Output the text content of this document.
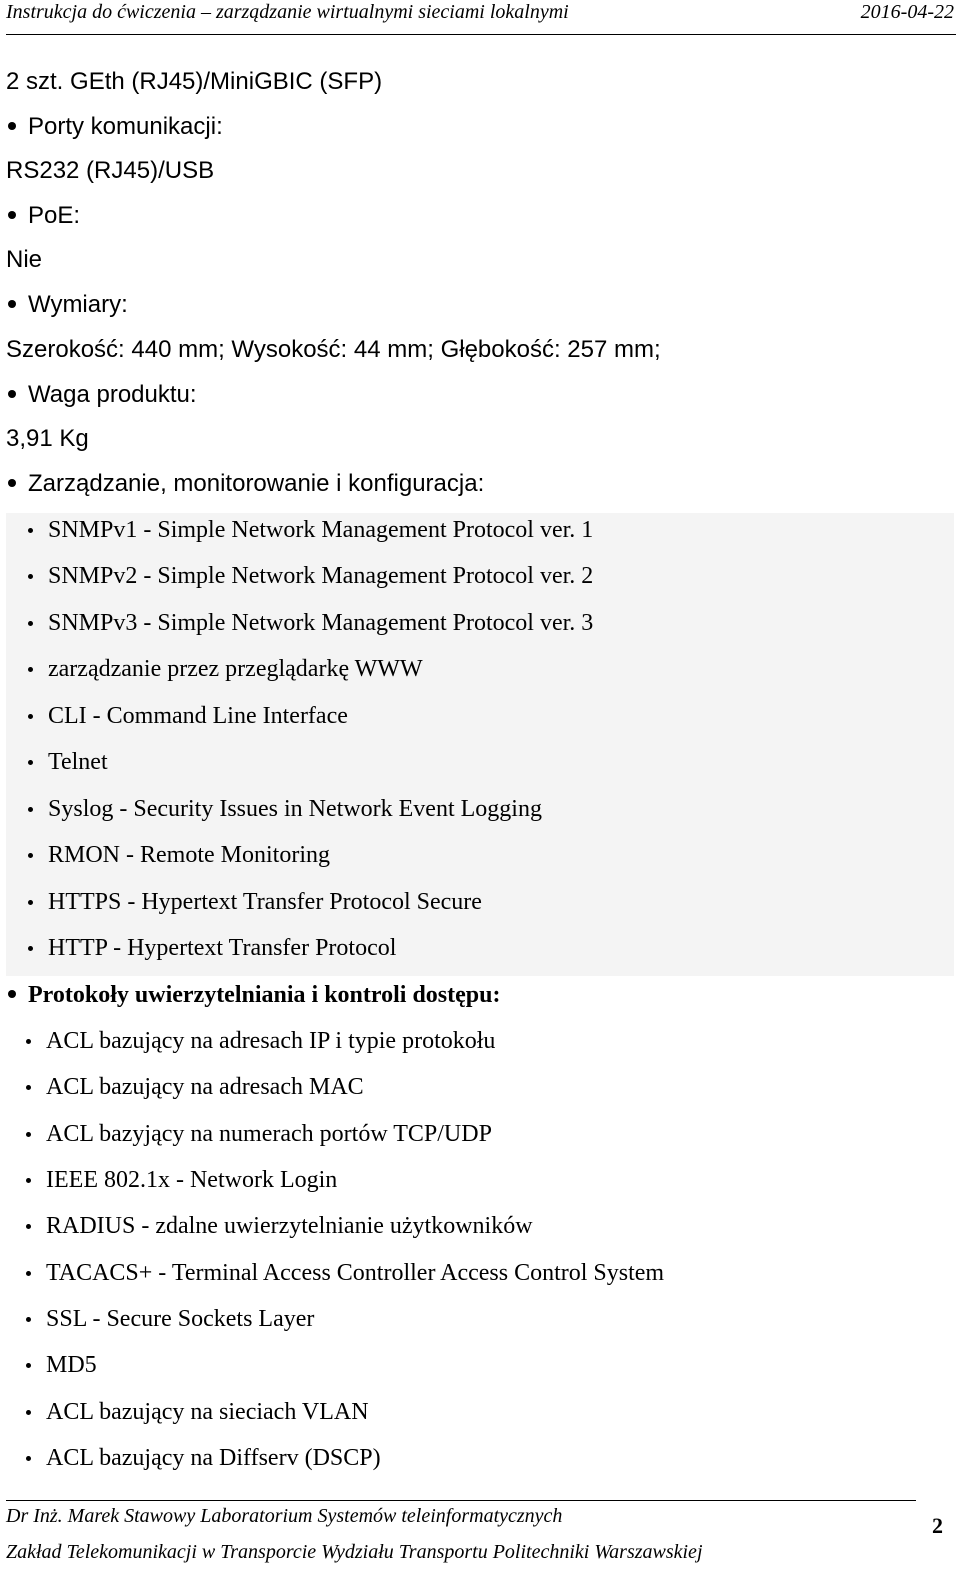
Instrukcja do ćwiczenia – zarządzanie wirtualnymi sieciami lokalnymi	2016-04-22
2 szt. GEth (RJ45)/MiniGBIC (SFP)
Porty komunikacji:
RS232 (RJ45)/USB
PoE:
Nie
Wymiary:
Szerokość: 440 mm; Wysokość: 44 mm; Głębokość: 257 mm;
Waga produktu:
3,91 Kg
Zarządzanie, monitorowanie i konfiguracja:
SNMPv1 - Simple Network Management Protocol ver. 1
SNMPv2 - Simple Network Management Protocol ver. 2
SNMPv3 - Simple Network Management Protocol ver. 3
zarządzanie przez przeglądarkę WWW
CLI - Command Line Interface
Telnet
Syslog - Security Issues in Network Event Logging
RMON - Remote Monitoring
HTTPS - Hypertext Transfer Protocol Secure
HTTP - Hypertext Transfer Protocol
Protokoły uwierzytelniania i kontroli dostępu:
ACL bazujący na adresach IP i typie protokołu
ACL bazujący na adresach MAC
ACL bazyjący na numerach portów TCP/UDP
IEEE 802.1x - Network Login
RADIUS - zdalne uwierzytelnianie użytkowników
TACACS+ - Terminal Access Controller Access Control System
SSL - Secure Sockets Layer
MD5
ACL bazujący na sieciach VLAN
ACL bazujący na Diffserv (DSCP)
Dr Inż. Marek Stawowy Laboratorium Systemów teleinformatycznych
Zakład Telekomunikacji w Transporcie Wydziału Transportu Politechniki Warszawskiej
2
